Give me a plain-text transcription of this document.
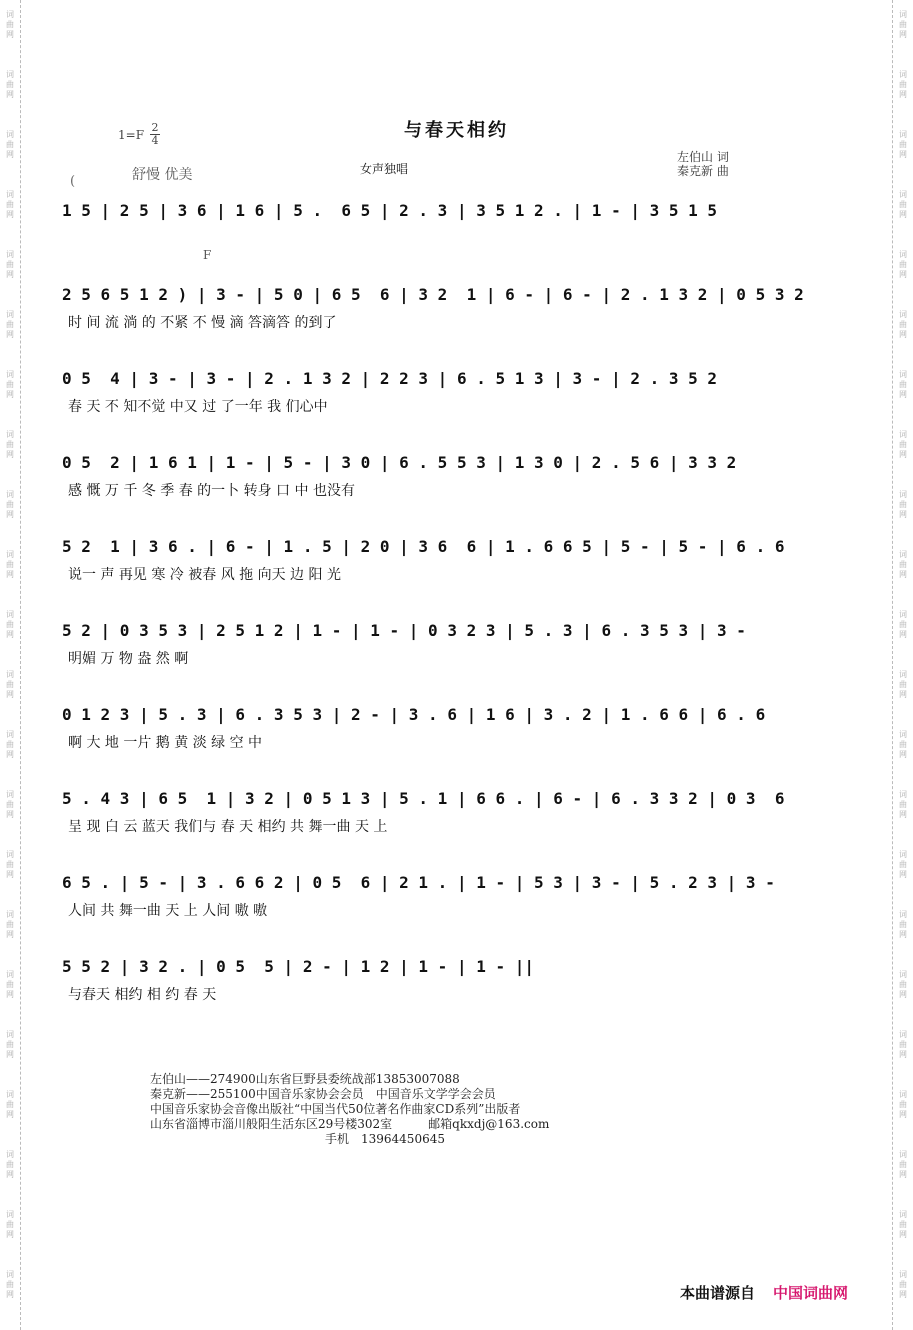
词
曲
网
词
曲
网
词
曲
网
词
曲
网
词
曲
网
词
曲
网
词
曲
网
词
曲
网
词
曲
网
词
曲
网
词
曲
网
词
曲
网
词
曲
网
词
曲
网
词
曲
网
词
曲
网
词
曲
网
词
曲
网
词
曲
网
词
曲
网
词
曲
网
词
曲
网
词
曲
网
词
曲
网
词
曲
网
词
曲
网
词
曲
网
词
曲
网
词
曲
网
词
曲
网
词
曲
网
词
曲
网
词
曲
网
词
曲
网
词
曲
网
词
曲
网
词
曲
网
词
曲
网
词
曲
网
词
曲
网
词
曲
网
词
曲
网
词
曲
网
词
曲
网
与春天相约
1=F
2
4
女声独唱
舒慢 优美
左伯山 词
秦克新 曲
(
F
1 5 | 2 5 | 3 6 | 1 6 | 5 .  6 5 | 2 . 3 | 3 5 1 2 . | 1 - | 3 5 1 5
2 5 6 5 1 2 ) | 3 - | 5 0 | 6 5  6 | 3 2  1 | 6 - | 6 - | 2 . 1 3 2 | 0 5 3 2
时 间 流 淌 的 不紧 不 慢 滴 答滴答 的到了
0 5  4 | 3 - | 3 - | 2 . 1 3 2 | 2 2 3 | 6 . 5 1 3 | 3 - | 2 . 3 5 2
春 天 不 知不觉 中又 过 了一年 我 们心中
0 5  2 | 1 6 1 | 1 - | 5 - | 3 0 | 6 . 5 5 3 | 1 3 0 | 2 . 5 6 | 3 3 2
感 慨 万 千 冬 季 春 的一卜 转身 口 中 也没有
5 2  1 | 3 6 . | 6 - | 1 . 5 | 2 0 | 3 6  6 | 1 . 6 6 5 | 5 - | 5 - | 6 . 6
说一 声 再见 寒 冷 被春 风 拖 向天 边 阳 光
5 2 | 0 3 5 3 | 2 5 1 2 | 1 - | 1 - | 0 3 2 3 | 5 . 3 | 6 . 3 5 3 | 3 -
明媚 万 物 盎 然 啊
0 1 2 3 | 5 . 3 | 6 . 3 5 3 | 2 - | 3 . 6 | 1 6 | 3 . 2 | 1 . 6 6 | 6 . 6
啊 大 地 一片 鹅 黄 淡 绿 空 中
5 . 4 3 | 6 5  1 | 3 2 | 0 5 1 3 | 5 . 1 | 6 6 . | 6 - | 6 . 3 3 2 | 0 3  6
呈 现 白 云 蓝天 我们与 春 天 相约 共 舞一曲 天 上
6 5 . | 5 - | 3 . 6 6 2 | 0 5  6 | 2 1 . | 1 - | 5 3 | 3 - | 5 . 2 3 | 3 -
人间 共 舞一曲 天 上 人间 嗷 嗷
5 5 2 | 3 2 . | 0 5  5 | 2 - | 1 2 | 1 - | 1 - ||
与春天 相约 相 约 春 天
左伯山——274900山东省巨野县委统战部13853007088
秦克新——255100中国音乐家协会会员　中国音乐文学学会会员
中国音乐家协会音像出版社“中国当代50位著名作曲家CD系列”出版者
山东省淄博市淄川般阳生活东区29号楼302室　　　邮箱qkxdj@163.com
手机　13964450645
本曲谱源自 中国词曲网
